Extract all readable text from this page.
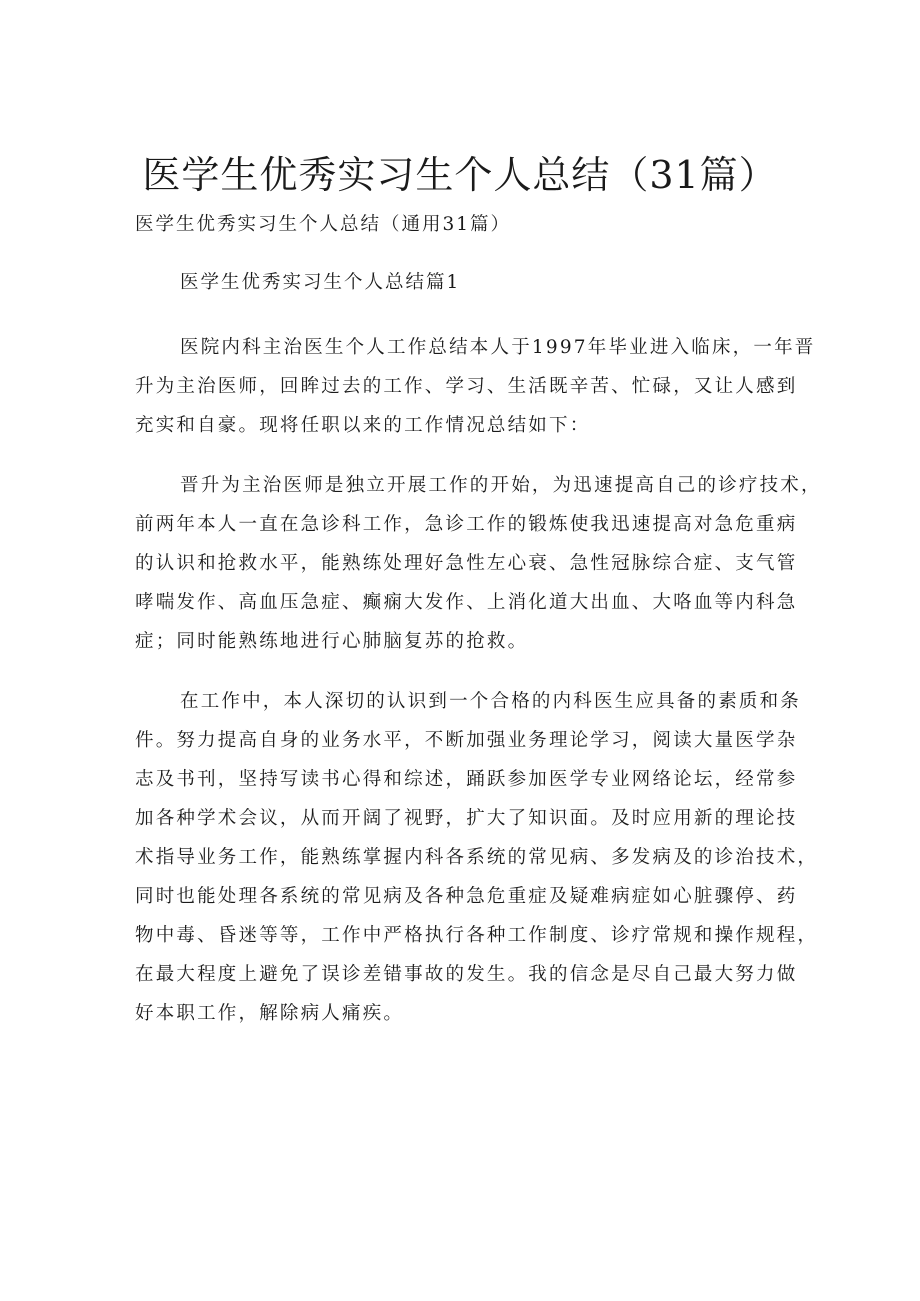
医学生优秀实习生个人总结（31篇）
医学生优秀实习生个人总结（通用31篇）
医学生优秀实习生个人总结篇1

医院内科主治医生个人工作总结本人于1997年毕业进入临床，一年晋
升为主治医师，回眸过去的工作、学习、生活既辛苦、忙碌，又让人感到
充实和自豪。现将任职以来的工作情况总结如下：

晋升为主治医师是独立开展工作的开始，为迅速提高自己的诊疗技术，
前两年本人一直在急诊科工作，急诊工作的锻炼使我迅速提高对急危重病
的认识和抢救水平，能熟练处理好急性左心衰、急性冠脉综合症、支气管
哮喘发作、高血压急症、癫痫大发作、上消化道大出血、大咯血等内科急
症；同时能熟练地进行心肺脑复苏的抢救。

在工作中，本人深切的认识到一个合格的内科医生应具备的素质和条
件。努力提高自身的业务水平，不断加强业务理论学习，阅读大量医学杂
志及书刊，坚持写读书心得和综述，踊跃参加医学专业网络论坛，经常参
加各种学术会议，从而开阔了视野，扩大了知识面。及时应用新的理论技
术指导业务工作，能熟练掌握内科各系统的常见病、多发病及的诊治技术，
同时也能处理各系统的常见病及各种急危重症及疑难病症如心脏骤停、药
物中毒、昏迷等等，工作中严格执行各种工作制度、诊疗常规和操作规程，
在最大程度上避免了误诊差错事故的发生。我的信念是尽自己最大努力做
好本职工作，解除病人痛疾。
